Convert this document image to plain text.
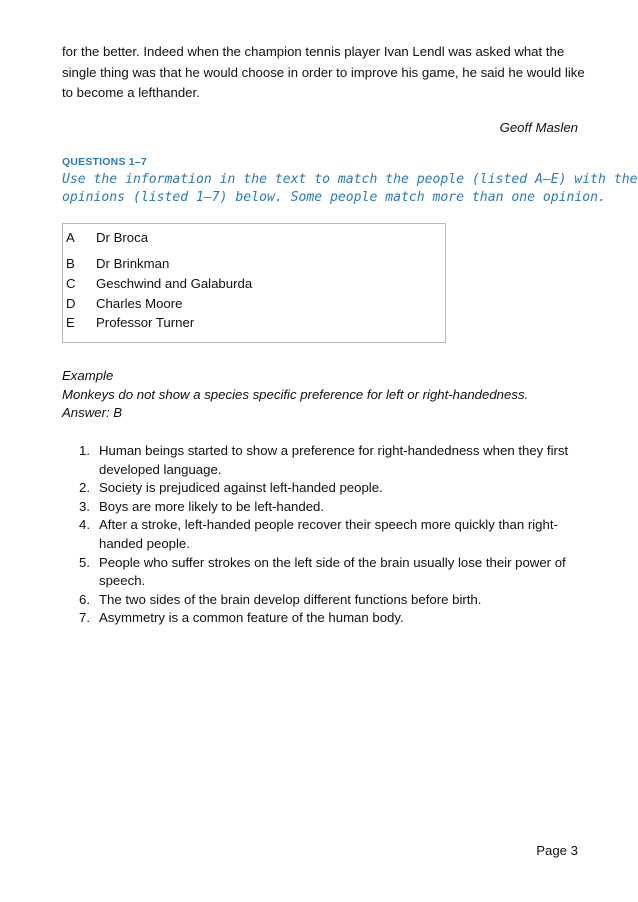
for the better. Indeed when the champion tennis player Ivan Lendl was asked what the
single thing was that he would choose in order to improve his game, he said he would like
to become a lefthander.

Geoff Maslen

QUESTIONS 1–7

Use the information in the text to match the people (listed A–E) with the
opinions (listed 1–7) below. Some people match more than one opinion.

A Dr Broca
B Dr Brinkman
C Geschwind and Galaburda
D Charles Moore
E Professor Turner

Example

Monkeys do not show a species specific preference for left or right-handedness.

Answer: B

1. Human beings started to show a preference for right-handedness when they first
developed language.
2. Society is prejudiced against left-handed people.
3. Boys are more likely to be left-handed.
4. After a stroke, left-handed people recover their speech more quickly than right-
handed people.
5. People who suffer strokes on the left side of the brain usually lose their power of
speech.
6. The two sides of the brain develop different functions before birth.
7. Asymmetry is a common feature of the human body.

Page 3
